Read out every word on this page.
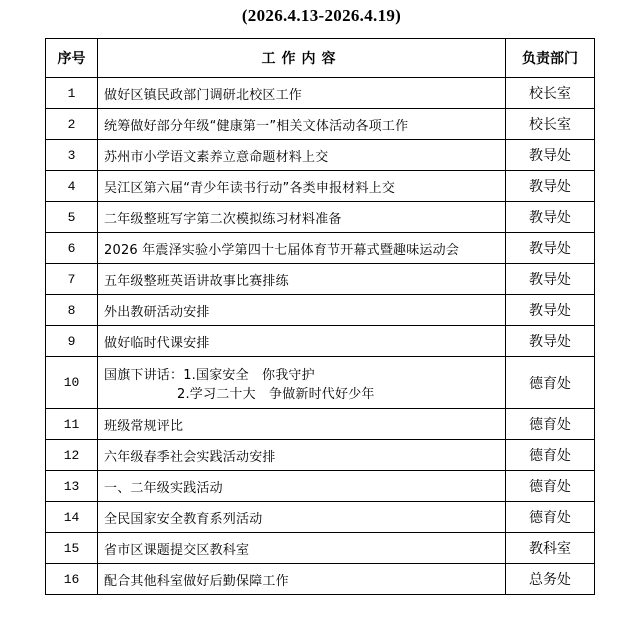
(2026.4.13-2026.4.19)
序号	工作内容	负责部门
1	做好区镇民政部门调研北校区工作	校长室
2	统筹做好部分年级“健康第一”相关文体活动各项工作	校长室
3	苏州市小学语文素养立意命题材料上交	教导处
4	吴江区第六届“青少年读书行动”各类申报材料上交	教导处
5	二年级整班写字第二次模拟练习材料准备	教导处
6	2026 年震泽实验小学第四十七届体育节开幕式暨趣味运动会	教导处
7	五年级整班英语讲故事比赛排练	教导处
8	外出教研活动安排	教导处
9	做好临时代课安排	教导处
10	国旗下讲话：1.国家安全　你我守护
2.学习二十大　争做新时代好少年	德育处
11	班级常规评比	德育处
12	六年级春季社会实践活动安排	德育处
13	一、二年级实践活动	德育处
14	全民国家安全教育系列活动	德育处
15	省市区课题提交区教科室	教科室
16	配合其他科室做好后勤保障工作	总务处
